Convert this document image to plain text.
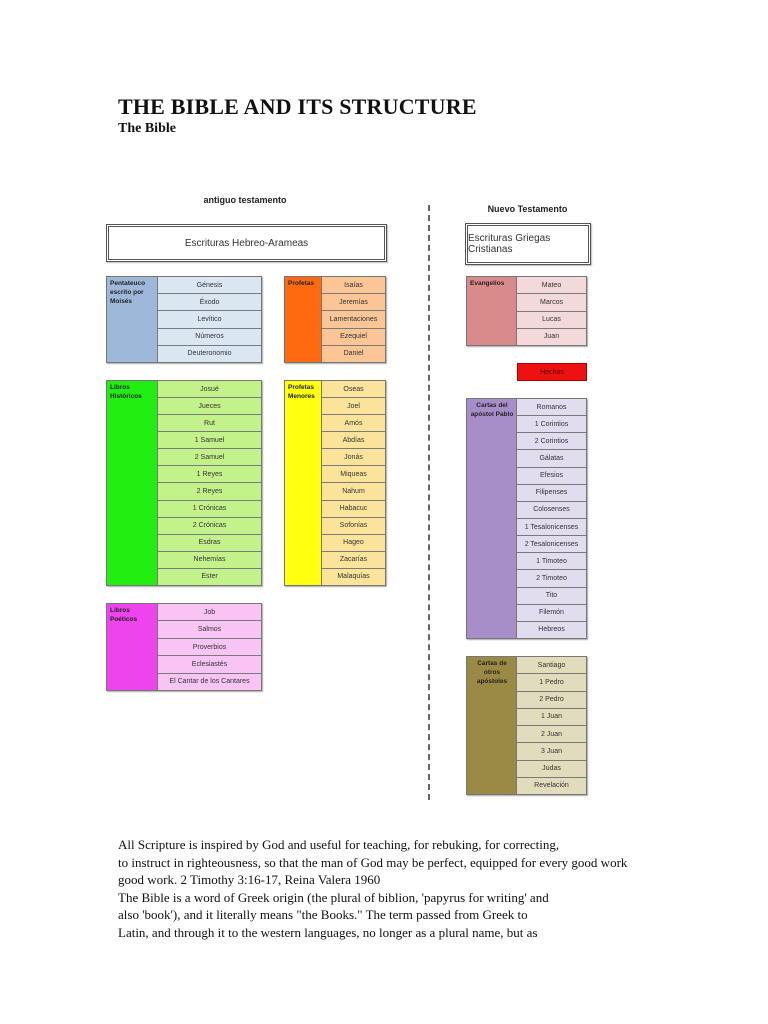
THE BIBLE AND ITS STRUCTURE
The Bible
antiguo testamento
Escrituras Hebreo-Arameas
Nuevo Testamento
Escrituras Griegas Cristianas
Pentateuco escrito por Moisés
Génesis
Éxodo
Levítico
Números
Deuteronomio
Libros Históricos
Josué
Jueces
Rut
1 Samuel
2 Samuel
1 Reyes
2 Reyes
1 Crónicas
2 Crónicas
Esdras
Nehemías
Ester
Libros Poéticos
Job
Salmos
Proverbios
Eclesiastés
El Cantar de los Cantares
Profetas	Isaías
Jeremías
Lamentaciones
Ezequiel
Daniel
Profetas Menores
Oseas
Joel
Amós
Abdías
Jonás
Miqueas
Nahum
Habacuc
Sofonías
Hageo
Zacarías
Malaquías
Evangelios	Mateo
Marcos
Lucas
Juan
Hechos
Cartas del apóstol Pablo
Romanos
1 Corintios
2 Corintios
Gálatas
Efesios
Filipenses
Colosenses
1 Tesalonicenses
2 Tesalonicenses
1 Timoteo
2 Timoteo
Tito
Filemón
Hebreos
Cartas de otros apóstoles
Santiago
1 Pedro
2 Pedro
1 Juan
2 Juan
3 Juan
Judas
Revelación
All Scripture is inspired by God and useful for teaching, for rebuking, for correcting,
to instruct in righteousness, so that the man of God may be perfect, equipped for every good work
good work. 2 Timothy 3:16-17, Reina Valera 1960
The Bible is a word of Greek origin (the plural of biblion, 'papyrus for writing' and
also 'book'), and it literally means "the Books." The term passed from Greek to
Latin, and through it to the western languages, no longer as a plural name, but as
